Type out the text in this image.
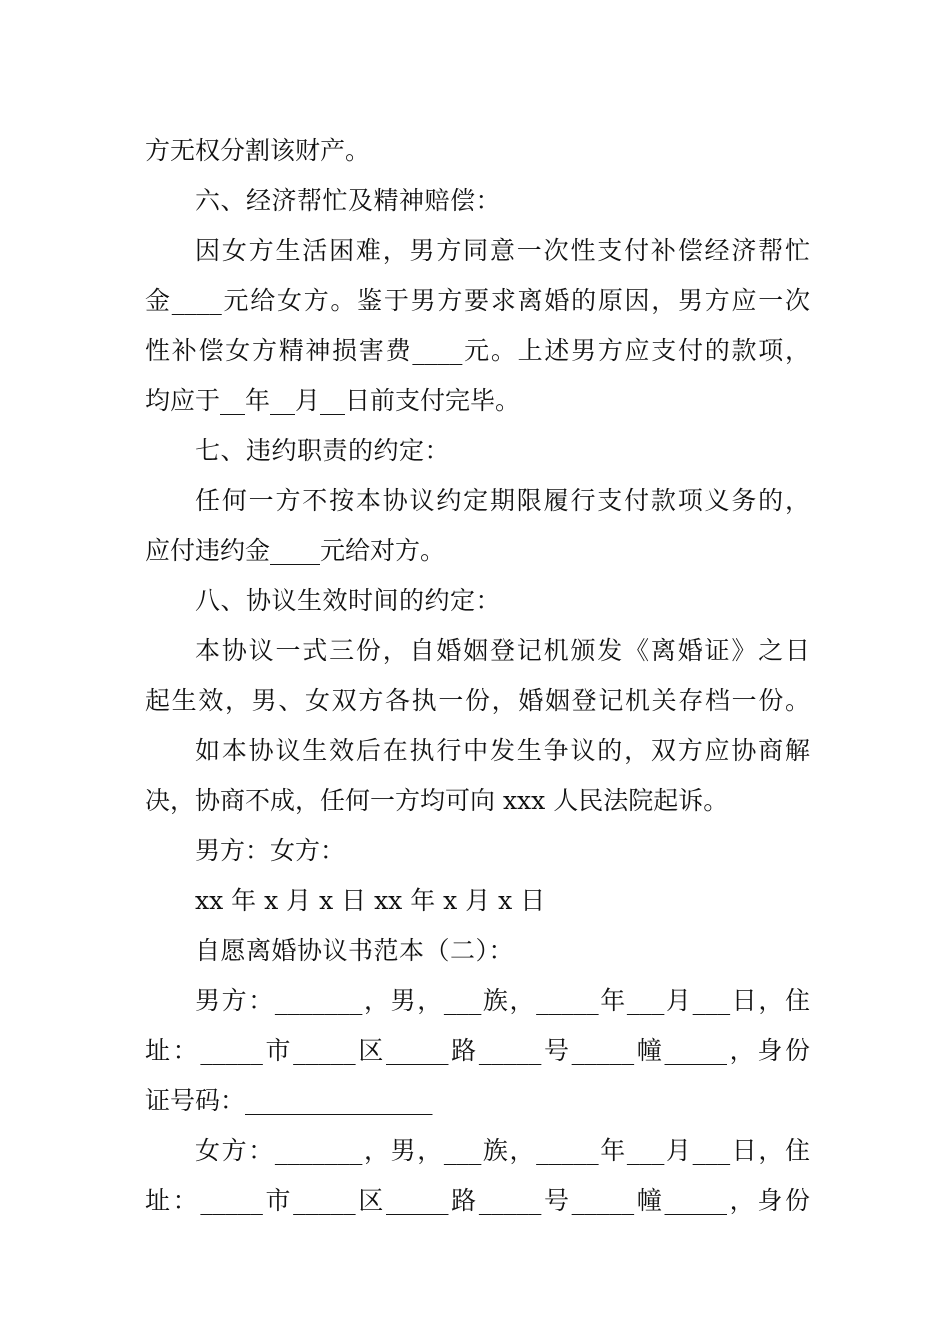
方无权分割该财产。
六、经济帮忙及精神赔偿：
因女方生活困难，男方同意一次性支付补偿经济帮忙
金____元给女方。鉴于男方要求离婚的原因，男方应一次
性补偿女方精神损害费____元。上述男方应支付的款项，
均应于__年__月__日前支付完毕。
七、违约职责的约定：
任何一方不按本协议约定期限履行支付款项义务的，
应付违约金____元给对方。
八、协议生效时间的约定：
本协议一式三份，自婚姻登记机颁发《离婚证》之日
起生效，男、女双方各执一份，婚姻登记机关存档一份。
如本协议生效后在执行中发生争议的，双方应协商解
决，协商不成，任何一方均可向 xxx 人民法院起诉。
男方：女方：
xx 年 x 月 x 日 xx 年 x 月 x 日
自愿离婚协议书范本（二）：
男方：_______，男，___族，_____年___月___日，住
址：_____市_____区_____路_____号_____幢_____，身份
证号码：_______________
女方：_______，男，___族，_____年___月___日，住
址：_____市_____区_____路_____号_____幢_____，身份
